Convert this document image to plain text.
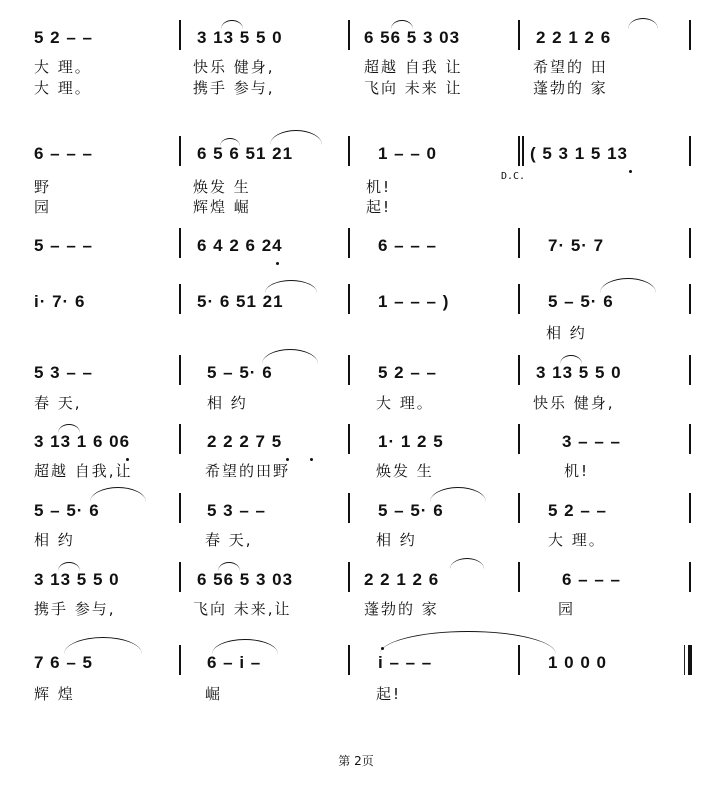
5 2 – –	3 13 5 5 0	6 56 5 3 03	2 2 1 2 6
大 理。	快乐 健身,	超越 自我 让	希望的 田
大 理。	携手 参与,	飞向 未来 让	蓬勃的 家
6 – – –	6 5 6 51 21	1 – – 0	( 5 3 1 5 13
D.C.
野	焕发 生	机!
园	辉煌 崛	起!
5 – – –	6 4 2 6 24	6 – – –	7· 5· 7
i· 7· 6	5· 6 51 21	1 – – – )	5 – 5· 6
相 约
5 3 – –	5 – 5· 6	5 2 – –	3 13 5 5 0
春 天,	相 约	大 理。	快乐 健身,
3 13 1 6 06	2 2 2 7 5	1· 1 2 5	3 – – –
超越 自我,让	希望的田野	焕发 生	机!
5 – 5· 6	5 3 – –	5 – 5· 6	5 2 – –
相 约	春 天,	相 约	大 理。
3 13 5 5 0	6 56 5 3 03	2 2 1 2 6	6 – – –
携手 参与,	飞向 未来,让	蓬勃的 家	园
7 6 – 5	6 – i –	i – – –	1 0 0 0
辉 煌	崛	起!
第 2页
